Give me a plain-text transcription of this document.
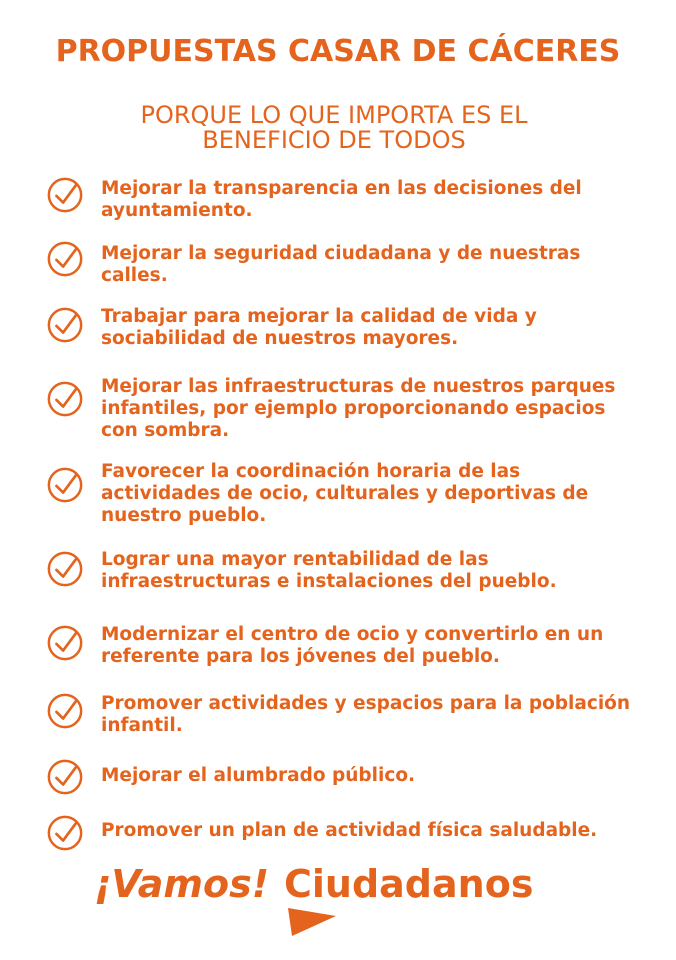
PROPUESTAS CASAR DE CÁCERES
PORQUE LO QUE IMPORTA ES EL BENEFICIO DE TODOS
Mejorar la transparencia en las decisiones del ayuntamiento.
Mejorar la seguridad ciudadana y de nuestras calles.
Trabajar para mejorar la calidad de vida y sociabilidad de nuestros mayores.
Mejorar las infraestructuras de nuestros parques infantiles, por ejemplo proporcionando espacios con sombra.
Favorecer la coordinación horaria de las actividades de ocio, culturales y deportivas de nuestro pueblo.
Lograr una mayor rentabilidad de las infraestructuras e instalaciones del pueblo.
Modernizar el centro de ocio y convertirlo en un referente para los jóvenes del pueblo.
Promover actividades y espacios para la población infantil.
Mejorar el alumbrado público.
Promover un plan de actividad física saludable.
¡Vamos! Ciudadanos
